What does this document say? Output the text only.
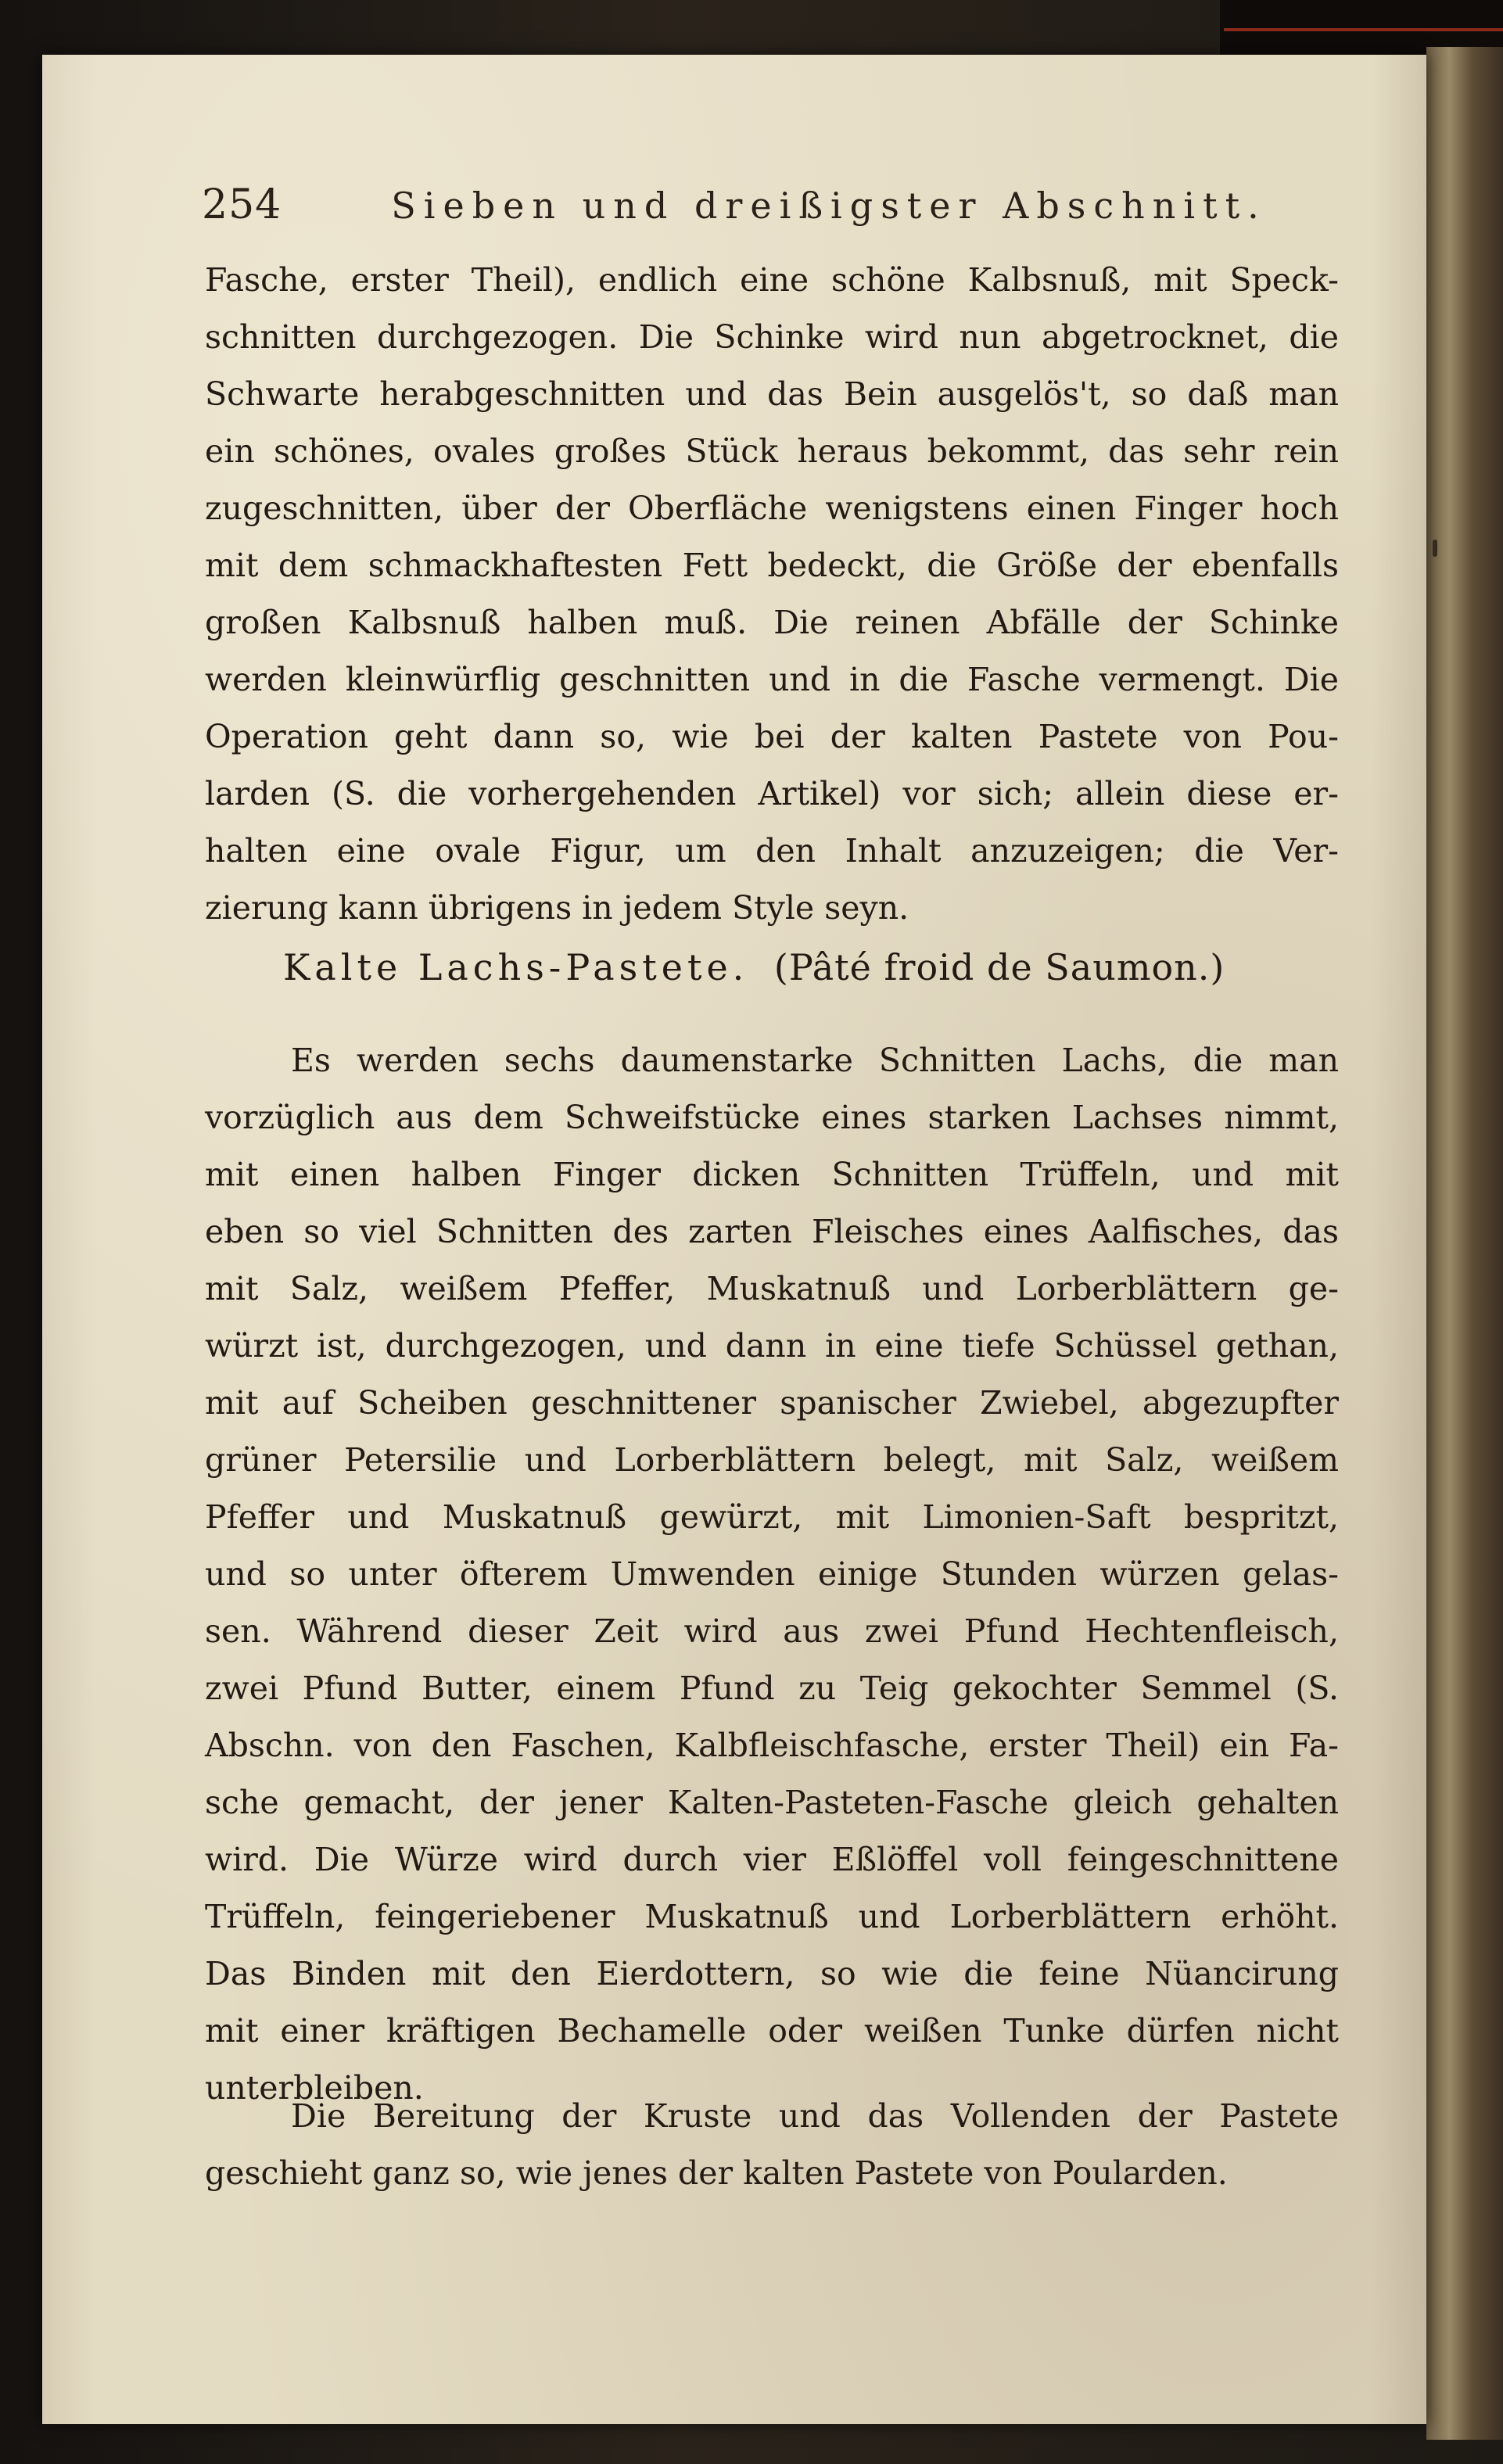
254	Sieben und dreißigster Abschnitt.
Fasche, erster Theil), endlich eine schöne Kalbsnuß, mit Speck-
schnitten durchgezogen. Die Schinke wird nun abgetrocknet, die
Schwarte herabgeschnitten und das Bein ausgelös't, so daß man
ein schönes, ovales großes Stück heraus bekommt, das sehr rein
zugeschnitten, über der Oberfläche wenigstens einen Finger hoch
mit dem schmackhaftesten Fett bedeckt, die Größe der ebenfalls
großen Kalbsnuß halben muß. Die reinen Abfälle der Schinke
werden kleinwürflig geschnitten und in die Fasche vermengt. Die
Operation geht dann so, wie bei der kalten Pastete von Pou-
larden (S. die vorhergehenden Artikel) vor sich; allein diese er-
halten eine ovale Figur, um den Inhalt anzuzeigen; die Ver-
zierung kann übrigens in jedem Style seyn.
Kalte Lachs-Pastete. (Pâté froid de Saumon.)
Es werden sechs daumenstarke Schnitten Lachs, die man
vorzüglich aus dem Schweifstücke eines starken Lachses nimmt,
mit einen halben Finger dicken Schnitten Trüffeln, und mit
eben so viel Schnitten des zarten Fleisches eines Aalfisches, das
mit Salz, weißem Pfeffer, Muskatnuß und Lorberblättern ge-
würzt ist, durchgezogen, und dann in eine tiefe Schüssel gethan,
mit auf Scheiben geschnittener spanischer Zwiebel, abgezupfter
grüner Petersilie und Lorberblättern belegt, mit Salz, weißem
Pfeffer und Muskatnuß gewürzt, mit Limonien-Saft bespritzt,
und so unter öfterem Umwenden einige Stunden würzen gelas-
sen. Während dieser Zeit wird aus zwei Pfund Hechtenfleisch,
zwei Pfund Butter, einem Pfund zu Teig gekochter Semmel (S.
Abschn. von den Faschen, Kalbfleischfasche, erster Theil) ein Fa-
sche gemacht, der jener Kalten-Pasteten-Fasche gleich gehalten
wird. Die Würze wird durch vier Eßlöffel voll feingeschnittene
Trüffeln, feingeriebener Muskatnuß und Lorberblättern erhöht.
Das Binden mit den Eierdottern, so wie die feine Nüancirung
mit einer kräftigen Bechamelle oder weißen Tunke dürfen nicht
unterbleiben.
Die Bereitung der Kruste und das Vollenden der Pastete
geschieht ganz so, wie jenes der kalten Pastete von Poularden.
